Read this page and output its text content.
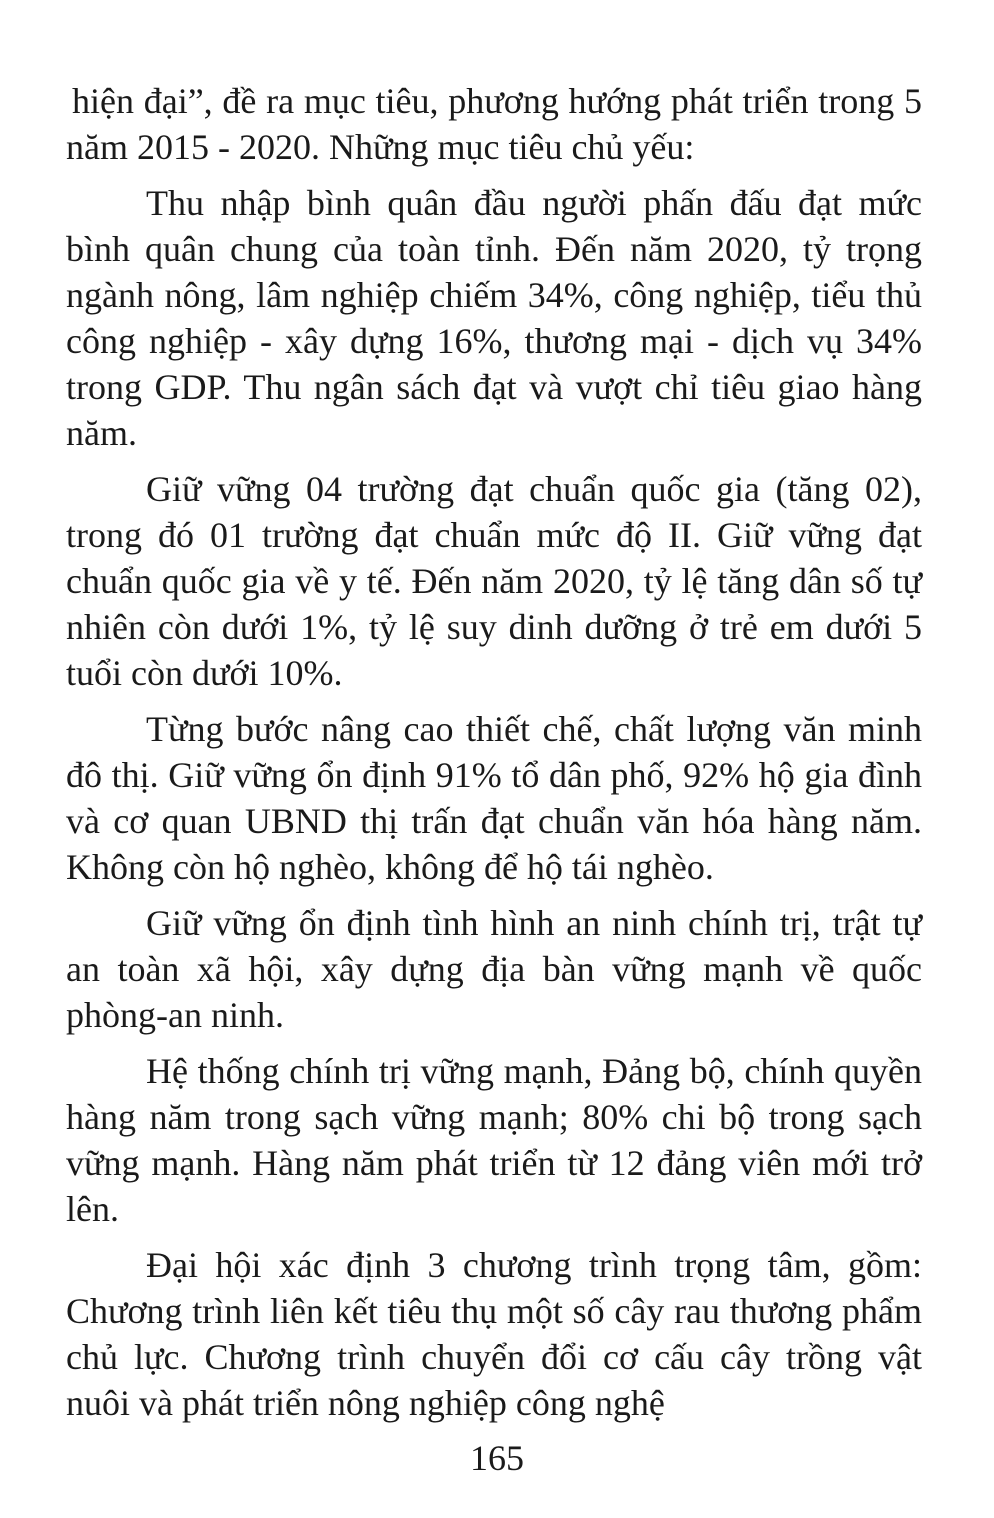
hiện đại”, đề ra mục tiêu, phương hướng phát triển trong 5 năm 2015 - 2020. Những mục tiêu chủ yếu:

Thu nhập bình quân đầu người phấn đấu đạt mức bình quân chung của toàn tỉnh. Đến năm 2020, tỷ trọng ngành nông, lâm nghiệp chiếm 34%, công nghiệp, tiểu thủ công nghiệp - xây dựng 16%, thương mại - dịch vụ 34% trong GDP. Thu ngân sách đạt và vượt chỉ tiêu giao hàng năm.

Giữ vững 04 trường đạt chuẩn quốc gia (tăng 02), trong đó 01 trường đạt chuẩn mức độ II. Giữ vững đạt chuẩn quốc gia về y tế. Đến năm 2020, tỷ lệ tăng dân số tự nhiên còn dưới 1%, tỷ lệ suy dinh dưỡng ở trẻ em dưới 5 tuổi còn dưới 10%.

Từng bước nâng cao thiết chế, chất lượng văn minh đô thị. Giữ vững ổn định 91% tổ dân phố, 92% hộ gia đình và cơ quan UBND thị trấn đạt chuẩn văn hóa hàng năm. Không còn hộ nghèo, không để hộ tái nghèo.

Giữ vững ổn định tình hình an ninh chính trị, trật tự an toàn xã hội, xây dựng địa bàn vững mạnh về quốc phòng-an ninh.

Hệ thống chính trị vững mạnh, Đảng bộ, chính quyền hàng năm trong sạch vững mạnh; 80% chi bộ trong sạch vững mạnh. Hàng năm phát triển từ 12 đảng viên mới trở lên.

Đại hội xác định 3 chương trình trọng tâm, gồm: Chương trình liên kết tiêu thụ một số cây rau thương phẩm chủ lực. Chương trình chuyển đổi cơ cấu cây trồng vật nuôi và phát triển nông nghiệp công nghệ

165
